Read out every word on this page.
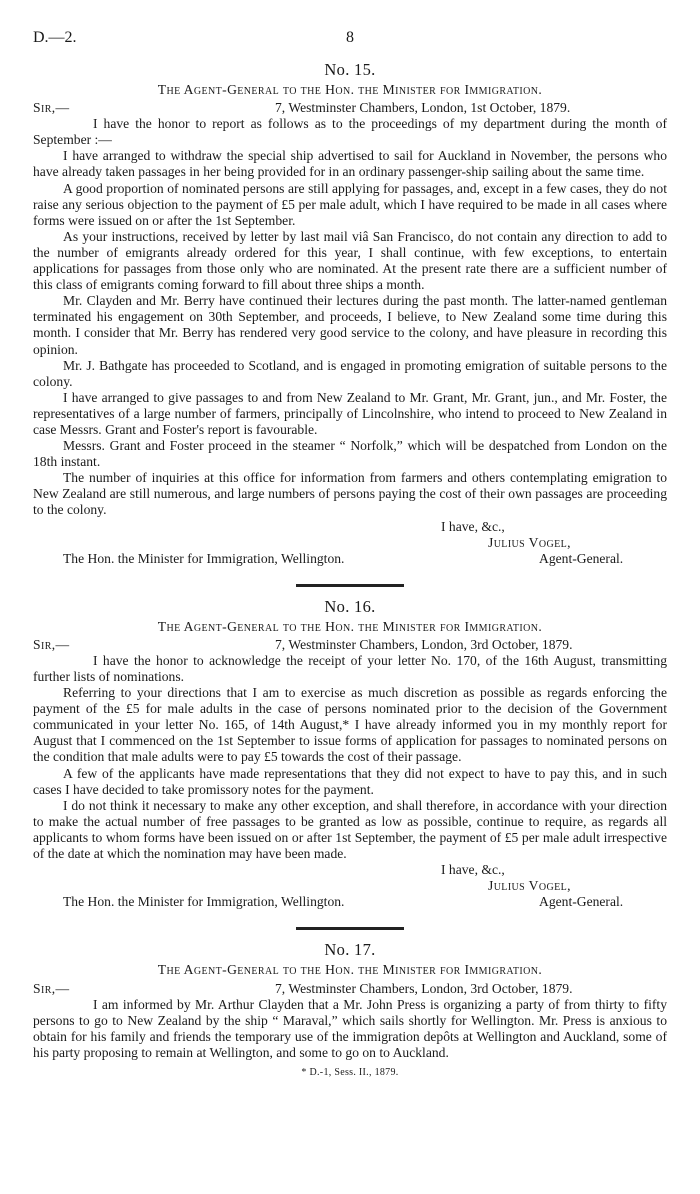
D.—2.	8
No. 15.
The Agent-General to the Hon. the Minister for Immigration.
Sir,—	7, Westminster Chambers, London, 1st October, 1879.

I have the honor to report as follows as to the proceedings of my department during the month of September :—

I have arranged to withdraw the special ship advertised to sail for Auckland in November, the persons who have already taken passages in her being provided for in an ordinary passenger-ship sailing about the same time.

A good proportion of nominated persons are still applying for passages, and, except in a few cases, they do not raise any serious objection to the payment of £5 per male adult, which I have required to be made in all cases where forms were issued on or after the 1st September.

As your instructions, received by letter by last mail viâ San Francisco, do not contain any direction to add to the number of emigrants already ordered for this year, I shall continue, with few exceptions, to entertain applications for passages from those only who are nominated. At the present rate there are a sufficient number of this class of emigrants coming forward to fill about three ships a month.

Mr. Clayden and Mr. Berry have continued their lectures during the past month. The latter-named gentleman terminated his engagement on 30th September, and proceeds, I believe, to New Zealand some time during this month. I consider that Mr. Berry has rendered very good service to the colony, and have pleasure in recording this opinion.

Mr. J. Bathgate has proceeded to Scotland, and is engaged in promoting emigration of suitable persons to the colony.

I have arranged to give passages to and from New Zealand to Mr. Grant, Mr. Grant, jun., and Mr. Foster, the representatives of a large number of farmers, principally of Lincolnshire, who intend to proceed to New Zealand in case Messrs. Grant and Foster's report is favourable.

Messrs. Grant and Foster proceed in the steamer “ Norfolk,” which will be despatched from London on the 18th instant.

The number of inquiries at this office for information from farmers and others contemplating emigration to New Zealand are still numerous, and large numbers of persons paying the cost of their own passages are proceeding to the colony.

I have, &c.,
Julius Vogel,
The Hon. the Minister for Immigration, Wellington.	Agent-General.
No. 16.
The Agent-General to the Hon. the Minister for Immigration.
Sir,—	7, Westminster Chambers, London, 3rd October, 1879.

I have the honor to acknowledge the receipt of your letter No. 170, of the 16th August, transmitting further lists of nominations.

Referring to your directions that I am to exercise as much discretion as possible as regards enforcing the payment of the £5 for male adults in the case of persons nominated prior to the decision of the Government communicated in your letter No. 165, of 14th August,* I have already informed you in my monthly report for August that I commenced on the 1st September to issue forms of application for passages to nominated persons on the condition that male adults were to pay £5 towards the cost of their passage.

A few of the applicants have made representations that they did not expect to have to pay this, and in such cases I have decided to take promissory notes for the payment.

I do not think it necessary to make any other exception, and shall therefore, in accordance with your direction to make the actual number of free passages to be granted as low as possible, continue to require, as regards all applicants to whom forms have been issued on or after 1st September, the payment of £5 per male adult irrespective of the date at which the nomination may have been made.

I have, &c.,
Julius Vogel,
The Hon. the Minister for Immigration, Wellington.	Agent-General.
No. 17.
The Agent-General to the Hon. the Minister for Immigration.
Sir,—	7, Westminster Chambers, London, 3rd October, 1879.

I am informed by Mr. Arthur Clayden that a Mr. John Press is organizing a party of from thirty to fifty persons to go to New Zealand by the ship “ Maraval,” which sails shortly for Wellington. Mr. Press is anxious to obtain for his family and friends the temporary use of the immigration depôts at Wellington and Auckland, some of his party proposing to remain at Wellington, and some to go on to Auckland.

* D.-1, Sess. II., 1879.
